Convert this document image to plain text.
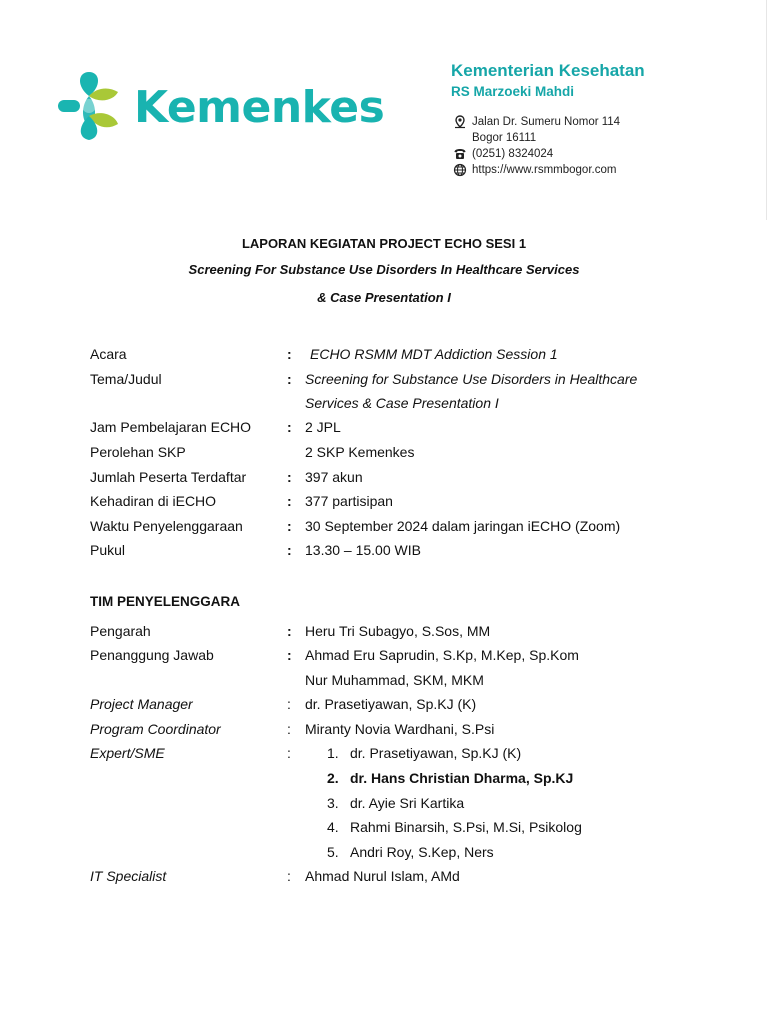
Kemenkes
Kementerian Kesehatan
RS Marzoeki Mahdi
Jalan Dr. Sumeru Nomor 114
Bogor 16111
(0251) 8324024
https://www.rsmmbogor.com
LAPORAN KEGIATAN PROJECT ECHO SESI 1
Screening For Substance Use Disorders In Healthcare Services
& Case Presentation I
Acara	: ECHO RSMM MDT Addiction Session 1
Tema/Judul	: Screening for Substance Use Disorders in Healthcare
Services & Case Presentation I
Jam Pembelajaran ECHO	: 2 JPL
Perolehan SKP	2 SKP Kemenkes
Jumlah Peserta Terdaftar	: 397 akun
Kehadiran di iECHO	: 377 partisipan
Waktu Penyelenggaraan	: 30 September 2024 dalam jaringan iECHO (Zoom)
Pukul	: 13.30 – 15.00 WIB
TIM PENYELENGGARA
Pengarah	: Heru Tri Subagyo, S.Sos, MM
Penanggung Jawab	: Ahmad Eru Saprudin, S.Kp, M.Kep, Sp.Kom
Nur Muhammad, SKM, MKM
Project Manager	: dr. Prasetiyawan, Sp.KJ (K)
Program Coordinator	: Miranty Novia Wardhani, S.Psi
Expert/SME	:	1. dr. Prasetiyawan, Sp.KJ (K)
2. dr. Hans Christian Dharma, Sp.KJ
3. dr. Ayie Sri Kartika
4. Rahmi Binarsih, S.Psi, M.Si, Psikolog
5. Andri Roy, S.Kep, Ners
IT Specialist	: Ahmad Nurul Islam, AMd
